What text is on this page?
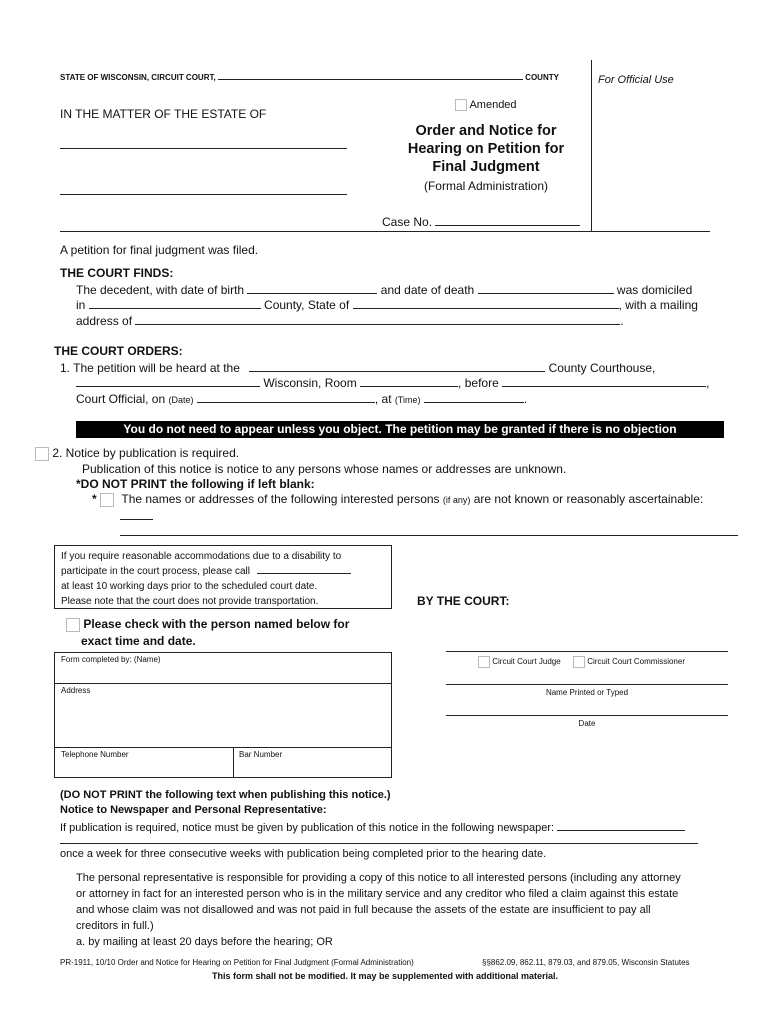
STATE OF WISCONSIN, CIRCUIT COURT,	COUNTY	For Official Use
IN THE MATTER OF THE ESTATE OF
Amended
Order and Notice for
Hearing on Petition for
Final Judgment
(Formal Administration)
Case No.
A petition for final judgment was filed.
THE COURT FINDS:
The decedent, with date of birth	and date of death	was domiciled
in	County, State of	, with a mailing
address of	.
THE COURT ORDERS:
1. The petition will be heard at the	County Courthouse,
Wisconsin, Room	, before	,
Court Official, on (Date)	, at (Time)	.
You do not need to appear unless you object. The petition may be granted if there is no objection
2. Notice by publication is required.
Publication of this notice is notice to any persons whose names or addresses are unknown.
*DO NOT PRINT the following if left blank:
* The names or addresses of the following interested persons (if any) are not known or reasonably ascertainable:
If you require reasonable accommodations due to a disability to
participate in the court process, please call
at least 10 working days prior to the scheduled court date.
Please note that the court does not provide transportation.	BY THE COURT:
Please check with the person named below for
exact time and date.
Form completed by: (Name)
Address
Telephone Number	Bar Number
Circuit Court Judge	Circuit Court Commissioner
Name Printed or Typed
Date
(DO NOT PRINT the following text when publishing this notice.)
Notice to Newspaper and Personal Representative:
If publication is required, notice must be given by publication of this notice in the following newspaper:
once a week for three consecutive weeks with publication being completed prior to the hearing date.
The personal representative is responsible for providing a copy of this notice to all interested persons (including any attorney
or attorney in fact for an interested person who is in the military service and any creditor who filed a claim against this estate
and whose claim was not disallowed and was not paid in full because the assets of the estate are insufficient to pay all
creditors in full.)
a. by mailing at least 20 days before the hearing; OR
PR-1911, 10/10 Order and Notice for Hearing on Petition for Final Judgment (Formal Administration)	§§862.09, 862.11, 879.03, and 879.05, Wisconsin Statutes
This form shall not be modified. It may be supplemented with additional material.
